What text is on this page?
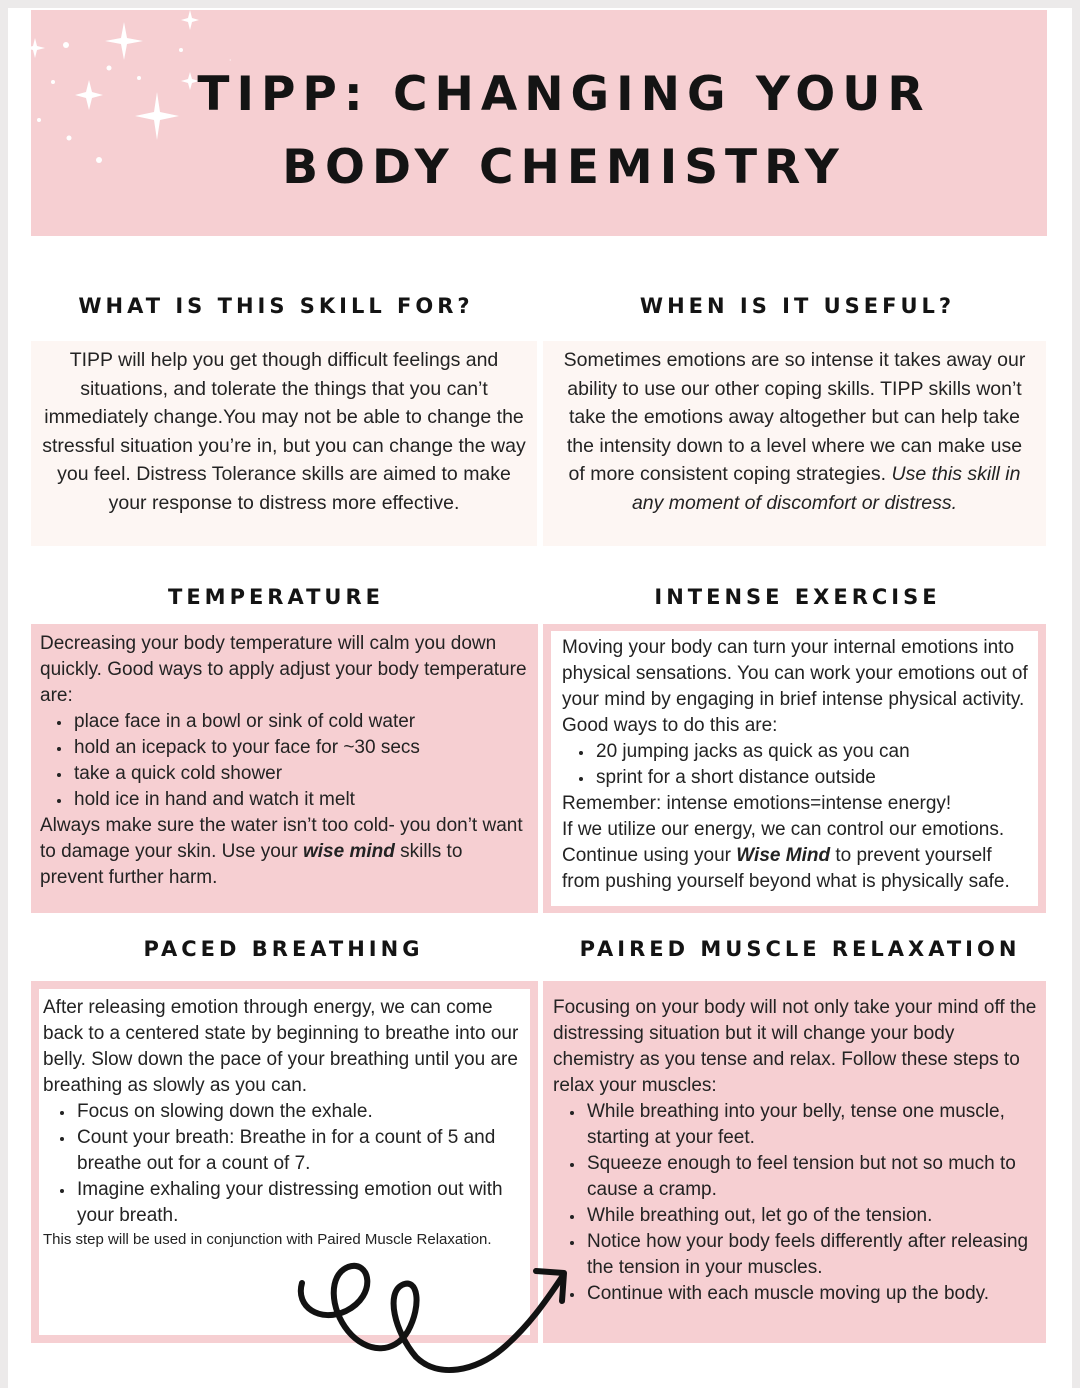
TIPP: CHANGING YOUR
BODY CHEMISTRY
WHAT IS THIS SKILL FOR?	WHEN IS IT USEFUL?

TIPP will help you get though difficult feelings and situations, and tolerate the things that you can’t immediately change.You may not be able to change the stressful situation you’re in, but you can change the way you feel. Distress Tolerance skills are aimed to make your response to distress more effective.

Sometimes emotions are so intense it takes away our ability to use our other coping skills. TIPP skills won’t take the emotions away altogether but can help take the intensity down to a level where we can make use of more consistent coping strategies. Use this skill in any moment of discomfort or distress.

TEMPERATURE	INTENSE EXERCISE

Decreasing your body temperature will calm you down quickly. Good ways to apply adjust your body temperature are:

• place face in a bowl or sink of cold water
• hold an icepack to your face for ~30 secs
• take a quick cold shower
• hold ice in hand and watch it melt

Always make sure the water isn’t too cold- you don’t want to damage your skin. Use your wise mind skills to prevent further harm.

Moving your body can turn your internal emotions into physical sensations. You can work your emotions out of your mind by engaging in brief intense physical activity. Good ways to do this are:

• 20 jumping jacks as quick as you can
• sprint for a short distance outside

Remember: intense emotions=intense energy!

If we utilize our energy, we can control our emotions.

Continue using your Wise Mind to prevent yourself from pushing yourself beyond what is physically safe.

PACED BREATHING	PAIRED MUSCLE RELAXATION

After releasing emotion through energy, we can come back to a centered state by beginning to breathe into our belly. Slow down the pace of your breathing until you are breathing as slowly as you can.

• Focus on slowing down the exhale.
• Count your breath: Breathe in for a count of 5 and breathe out for a count of 7.
• Imagine exhaling your distressing emotion out with your breath.

This step will be used in conjunction with Paired Muscle Relaxation.

Focusing on your body will not only take your mind off the distressing situation but it will change your body chemistry as you tense and relax. Follow these steps to relax your muscles:

• While breathing into your belly, tense one muscle, starting at your feet.
• Squeeze enough to feel tension but not so much to cause a cramp.
• While breathing out, let go of the tension.
• Notice how your body feels differently after releasing the tension in your muscles.
• Continue with each muscle moving up the body.
